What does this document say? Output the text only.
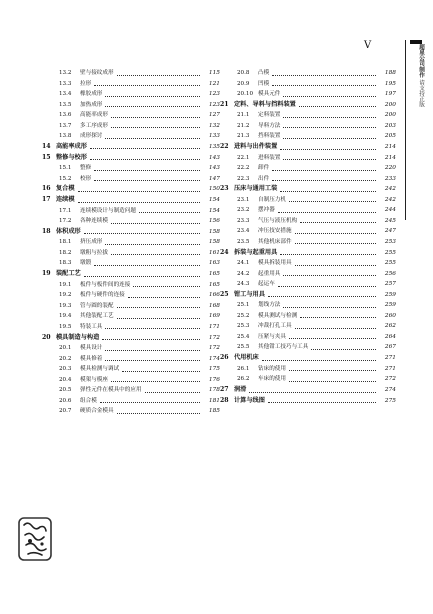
V	超星公司制作 请支持正版
13.2	壁与接纹成形	115
13.3	拉形	121
13.4	橡胶成形	123
13.5	加热成形	123
13.6	高能率成形	127
13.7	多工序成形	132
13.8	成形探讨	133
14 高能率成形	135
15 整修与校形	143
15.1	整修	143
15.2	校形	147
16 复合模	150
17 连续模	154
17.1	连续模设计与制造问题	154
17.2	各种连续模	156
18 体积成形	158
18.1	挤压成形	158
18.2	墩粗与拉拔	161
18.3	墩锻	163
19 装配工艺	165
19.1	板件与板件间的连接	165
19.2	板件与硬件的连接	166
19.3	管与圆的装配	168
19.4	其他装配工艺	169
19.5	特装工具	171
20 模具制造与构造	172
20.1	模具设计	172
20.2	模具修着	174
20.3	模具检测与调试	175
20.4	模架与模座	176
20.5	弹性元件在模具中的应用	178
20.6	组合模	181
20.7	硬质合金模具	185
20.8	凸模	188
20.9	凹模	195
20.10 模具元件	197
21 定料、导料与挡料装置	200
21.1	定料装置	200
21.2	导料方法	203
21.3	挡料装置	205
22 进料与出件装置	214
22.1	进料装置	214
22.2	卸件	220
22.3	出件	233
23 压床与通用工装	242
23.1	自制压力机	242
23.2	摆冲器	244
23.3	气压与液压机构	245
23.4	冲压技安措施	247
23.5	其他机床部件	253
24 拆装与起重用具	255
24.1	模具拆装用具	255
24.2	起重用具	256
24.3	起运车	257
25 钳工与用具	259
25.1	划线方法	259
25.2	模具测试与检测	260
25.3	冲裁打孔工具	262
25.4	压紧与夹具	264
25.5	其他钳工技巧与工具	267
26 代用机床	271
26.1	钻床的使用	271
26.2	车床的使用	272
27 润滑	274
28 计算与线图	275
